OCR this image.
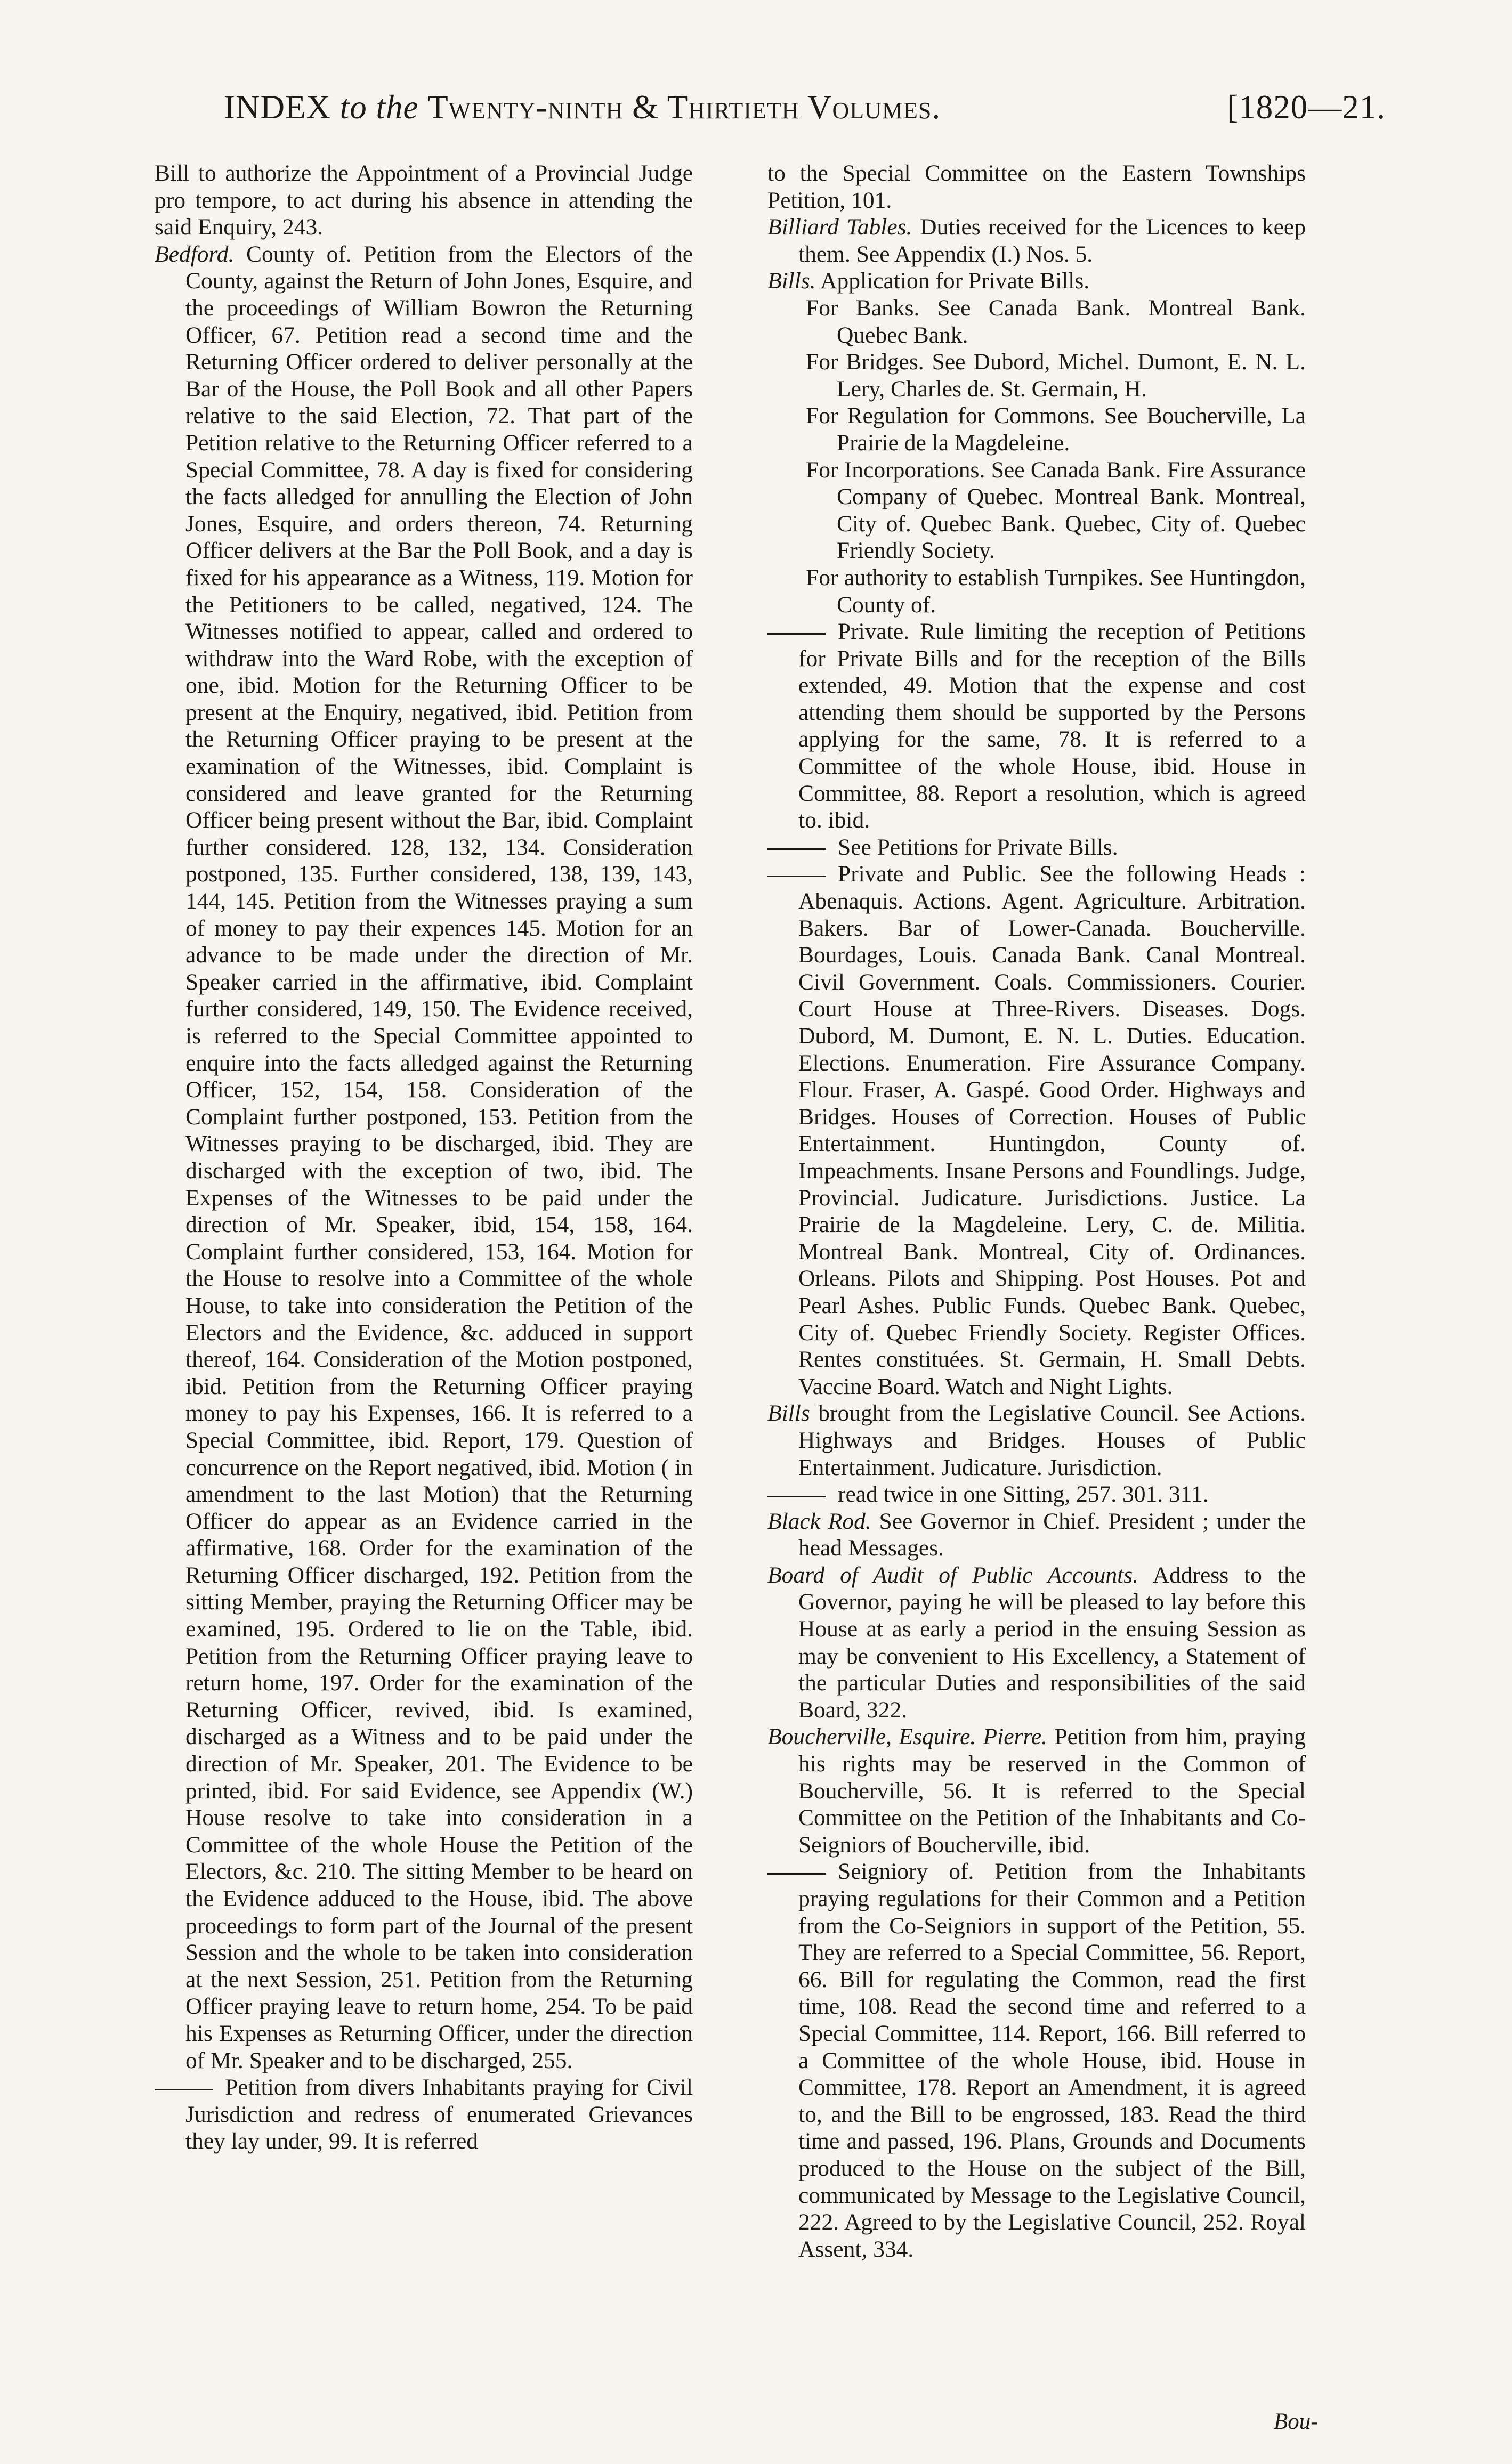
INDEX to the Twenty-ninth & Thirtieth Volumes.	[1820—21.

Bill to authorize the Appointment of a Provincial Judge pro tempore, to act during his absence in attending the said Enquiry, 243.

Bedford. County of. Petition from the Electors of the County, against the Return of John Jones, Esquire, and the proceedings of William Bowron the Returning Officer, 67. Petition read a second time and the Returning Officer ordered to deliver personally at the Bar of the House, the Poll Book and all other Papers relative to the said Election, 72. That part of the Petition relative to the Returning Officer referred to a Special Committee, 78. A day is fixed for considering the facts alledged for annulling the Election of John Jones, Esquire, and orders thereon, 74. Returning Officer delivers at the Bar the Poll Book, and a day is fixed for his appearance as a Witness, 119. Motion for the Petitioners to be called, negatived, 124. The Witnesses notified to appear, called and ordered to withdraw into the Ward Robe, with the exception of one, ibid. Motion for the Returning Officer to be present at the Enquiry, negatived, ibid. Petition from the Returning Officer praying to be present at the examination of the Witnesses, ibid. Complaint is considered and leave granted for the Returning Officer being present without the Bar, ibid. Complaint further considered. 128, 132, 134. Consideration postponed, 135. Further considered, 138, 139, 143, 144, 145. Petition from the Witnesses praying a sum of money to pay their expences 145. Motion for an advance to be made under the direction of Mr. Speaker carried in the affirmative, ibid. Complaint further considered, 149, 150. The Evidence received, is referred to the Special Committee appointed to enquire into the facts alledged against the Returning Officer, 152, 154, 158. Consideration of the Complaint further postponed, 153. Petition from the Witnesses praying to be discharged, ibid. They are discharged with the exception of two, ibid. The Expenses of the Witnesses to be paid under the direction of Mr. Speaker, ibid, 154, 158, 164. Complaint further considered, 153, 164. Motion for the House to resolve into a Committee of the whole House, to take into consideration the Petition of the Electors and the Evidence, &c. adduced in support thereof, 164. Consideration of the Motion postponed, ibid. Petition from the Returning Officer praying money to pay his Expenses, 166. It is referred to a Special Committee, ibid. Report, 179. Question of concurrence on the Report negatived, ibid. Motion ( in amendment to the last Motion) that the Returning Officer do appear as an Evidence carried in the affirmative, 168. Order for the examination of the Returning Officer discharged, 192. Petition from the sitting Member, praying the Returning Officer may be examined, 195. Ordered to lie on the Table, ibid. Petition from the Returning Officer praying leave to return home, 197. Order for the examination of the Returning Officer, revived, ibid. Is examined, discharged as a Witness and to be paid under the direction of Mr. Speaker, 201. The Evidence to be printed, ibid. For said Evidence, see Appendix (W.) House resolve to take into consideration in a Committee of the whole House the Petition of the Electors, &c. 210. The sitting Member to be heard on the Evidence adduced to the House, ibid. The above proceedings to form part of the Journal of the present Session and the whole to be taken into consideration at the next Session, 251. Petition from the Returning Officer praying leave to return home, 254. To be paid his Expenses as Returning Officer, under the direction of Mr. Speaker and to be discharged, 255.

Petition from divers Inhabitants praying for Civil Jurisdiction and redress of enumerated Grievances they lay under, 99. It is referred

to the Special Committee on the Eastern Townships Petition, 101.

Billiard Tables. Duties received for the Licences to keep them. See Appendix (I.) Nos. 5.

Bills. Application for Private Bills.

For Banks. See Canada Bank. Montreal Bank. Quebec Bank.

For Bridges. See Dubord, Michel. Dumont, E. N. L. Lery, Charles de. St. Germain, H.

For Regulation for Commons. See Boucherville, La Prairie de la Magdeleine.

For Incorporations. See Canada Bank. Fire Assurance Company of Quebec. Montreal Bank. Montreal, City of. Quebec Bank. Quebec, City of. Quebec Friendly Society.

For authority to establish Turnpikes. See Huntingdon, County of.

Private. Rule limiting the reception of Petitions for Private Bills and for the reception of the Bills extended, 49. Motion that the expense and cost attending them should be supported by the Persons applying for the same, 78. It is referred to a Committee of the whole House, ibid. House in Committee, 88. Report a resolution, which is agreed to. ibid.

See Petitions for Private Bills.

Private and Public. See the following Heads : Abenaquis. Actions. Agent. Agriculture. Arbitration. Bakers. Bar of Lower-Canada. Boucherville. Bourdages, Louis. Canada Bank. Canal Montreal. Civil Government. Coals. Commissioners. Courier. Court House at Three-Rivers. Diseases. Dogs. Dubord, M. Dumont, E. N. L. Duties. Education. Elections. Enumeration. Fire Assurance Company. Flour. Fraser, A. Gaspé. Good Order. Highways and Bridges. Houses of Correction. Houses of Public Entertainment. Huntingdon, County of. Impeachments. Insane Persons and Foundlings. Judge, Provincial. Judicature. Jurisdictions. Justice. La Prairie de la Magdeleine. Lery, C. de. Militia. Montreal Bank. Montreal, City of. Ordinances. Orleans. Pilots and Shipping. Post Houses. Pot and Pearl Ashes. Public Funds. Quebec Bank. Quebec, City of. Quebec Friendly Society. Register Offices. Rentes constituées. St. Germain, H. Small Debts. Vaccine Board. Watch and Night Lights.

Bills brought from the Legislative Council. See Actions. Highways and Bridges. Houses of Public Entertainment. Judicature. Jurisdiction.

read twice in one Sitting, 257. 301. 311.

Black Rod. See Governor in Chief. President ; under the head Messages.

Board of Audit of Public Accounts. Address to the Governor, paying he will be pleased to lay before this House at as early a period in the ensuing Session as may be convenient to His Excellency, a Statement of the particular Duties and responsibilities of the said Board, 322.

Boucherville, Esquire. Pierre. Petition from him, praying his rights may be reserved in the Common of Boucherville, 56. It is referred to the Special Committee on the Petition of the Inhabitants and Co-Seigniors of Boucherville, ibid.

Seigniory of. Petition from the Inhabitants praying regulations for their Common and a Petition from the Co-Seigniors in support of the Petition, 55. They are referred to a Special Committee, 56. Report, 66. Bill for regulating the Common, read the first time, 108. Read the second time and referred to a Special Committee, 114. Report, 166. Bill referred to a Committee of the whole House, ibid. House in Committee, 178. Report an Amendment, it is agreed to, and the Bill to be engrossed, 183. Read the third time and passed, 196. Plans, Grounds and Documents produced to the House on the subject of the Bill, communicated by Message to the Legislative Council, 222. Agreed to by the Legislative Council, 252. Royal Assent, 334.

Bou-
